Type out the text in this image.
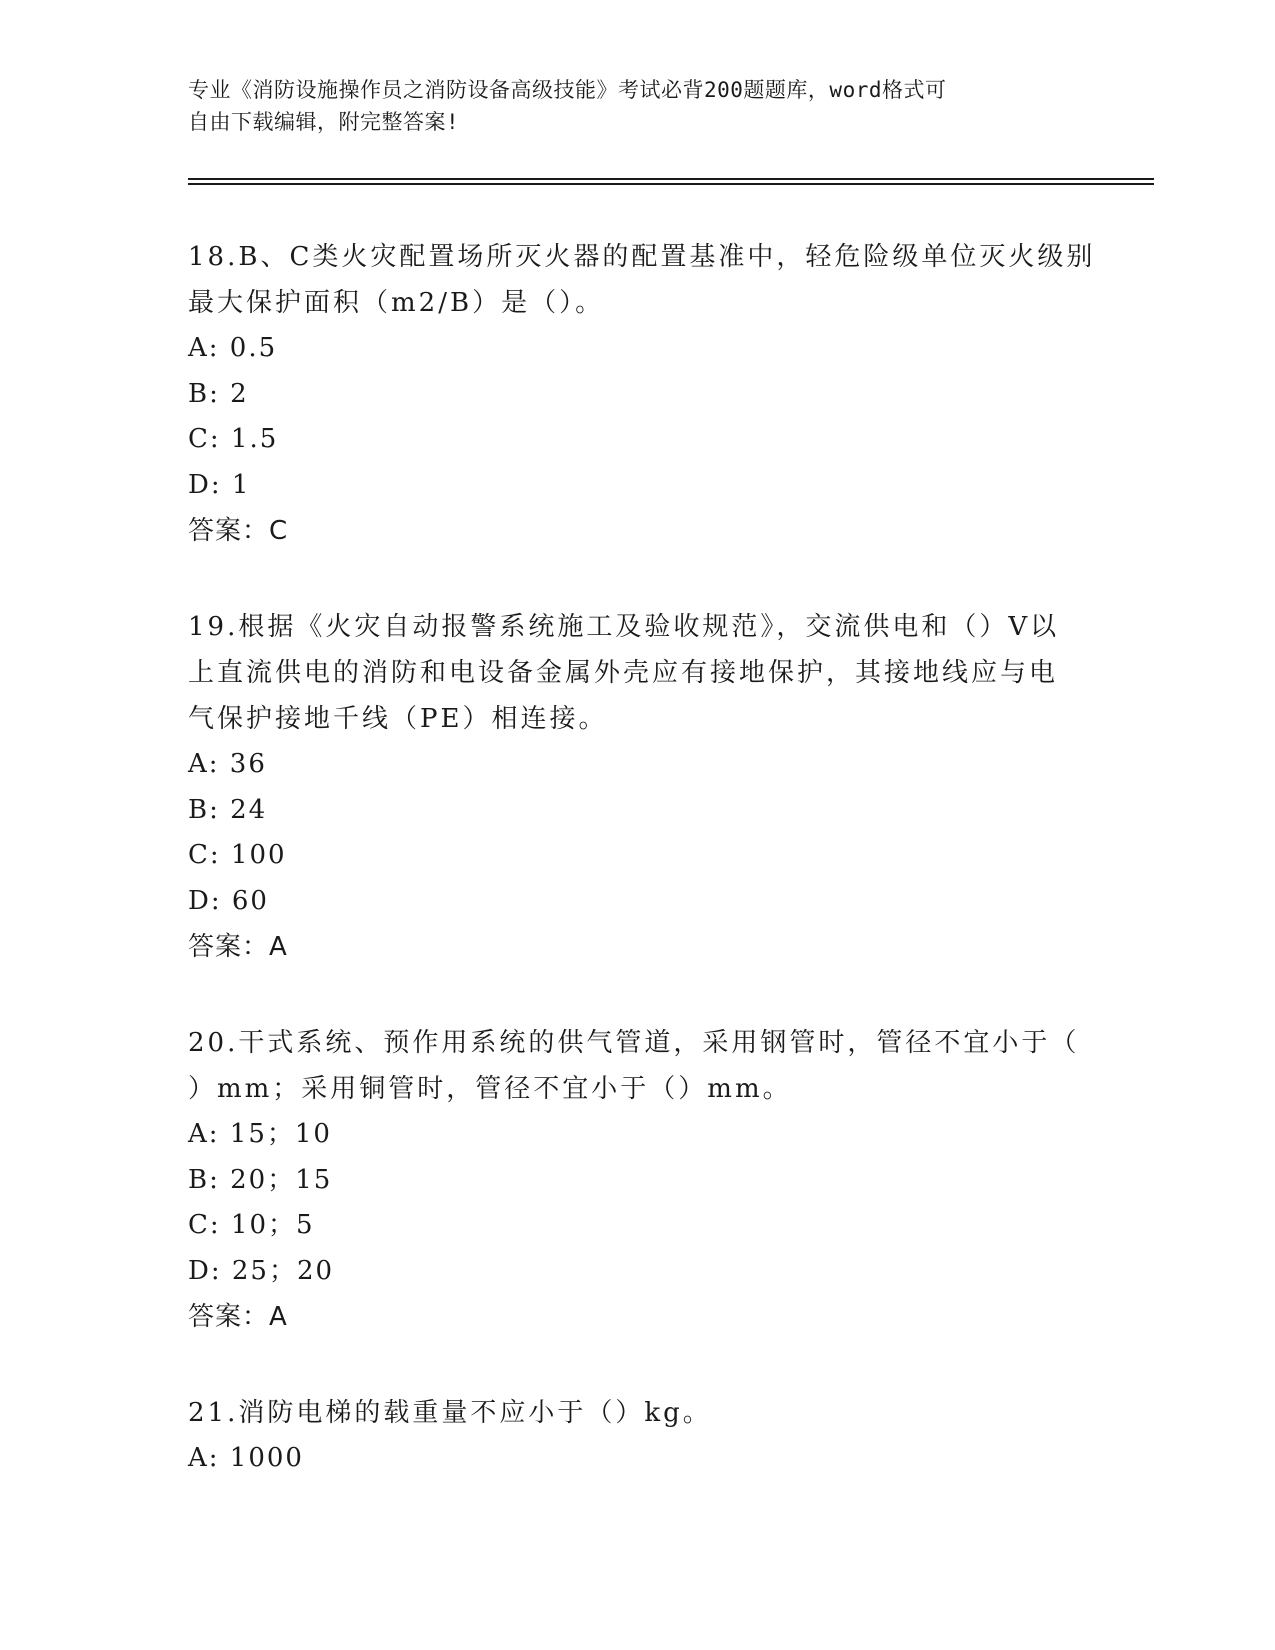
专业《消防设施操作员之消防设备高级技能》考试必背200题题库，word格式可
自由下载编辑，附完整答案!
18.B、C类火灾配置场所灭火器的配置基准中，轻危险级单位灭火级别
最大保护面积（m2/B）是（）。
A: 0.5
B: 2
C: 1.5
D: 1
答案：C
19.根据《火灾自动报警系统施工及验收规范》，交流供电和（）V以
上直流供电的消防和电设备金属外壳应有接地保护，其接地线应与电
气保护接地千线（PE）相连接。
A: 36
B: 24
C: 100
D: 60
答案：A
20.干式系统、预作用系统的供气管道，采用钢管时，管径不宜小于（
）mm；采用铜管时，管径不宜小于（）mm。
A: 15；10
B: 20；15
C: 10；5
D: 25；20
答案：A
21.消防电梯的载重量不应小于（）kg。
A: 1000
